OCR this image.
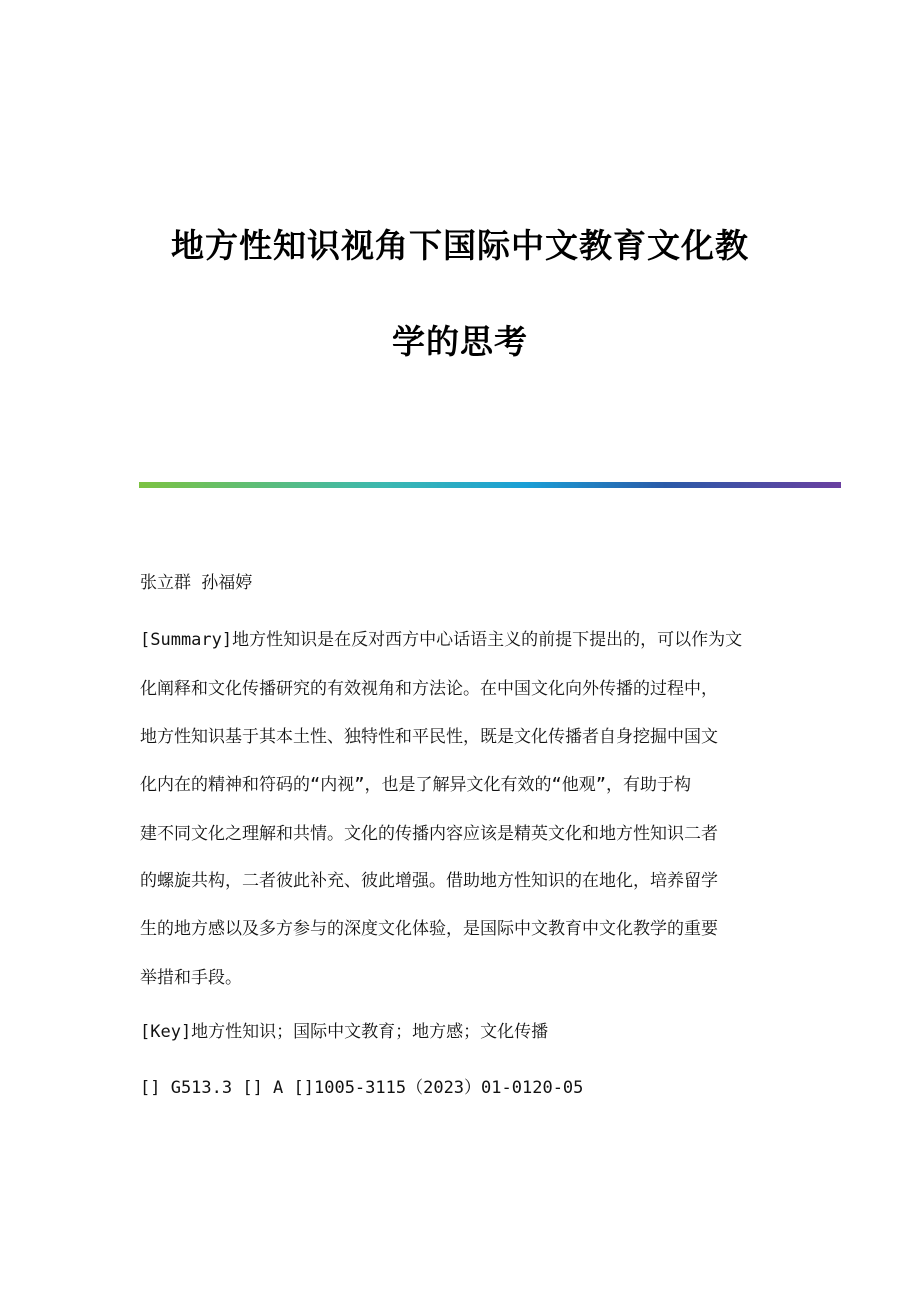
地方性知识视角下国际中文教育文化教
学的思考
张立群 孙福婷
[Summary]地方性知识是在反对西方中心话语主义的前提下提出的，可以作为文
化阐释和文化传播研究的有效视角和方法论。在中国文化向外传播的过程中，
地方性知识基于其本土性、独特性和平民性，既是文化传播者自身挖掘中国文
化内在的精神和符码的“内视”，也是了解异文化有效的“他观”，有助于构
建不同文化之理解和共情。文化的传播内容应该是精英文化和地方性知识二者
的螺旋共构，二者彼此补充、彼此增强。借助地方性知识的在地化，培养留学
生的地方感以及多方参与的深度文化体验，是国际中文教育中文化教学的重要
举措和手段。
[Key]地方性知识；国际中文教育；地方感；文化传播
[] G513.3 [] A []1005-3115（2023）01-0120-05
